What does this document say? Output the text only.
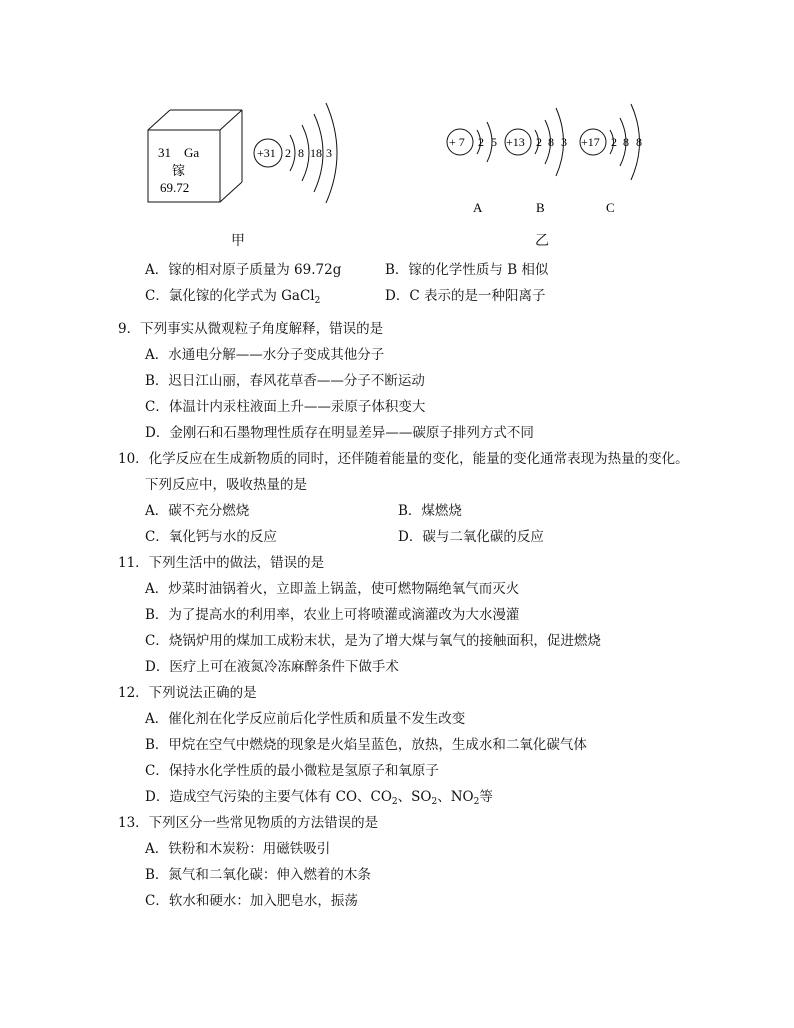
31 Ga
镓
69.72
+31 2 8 18 3
甲
+ 7 2 5
A
+13 2 8 3
B
+17 2 8 8
C
乙
A．镓的相对原子质量为 69.72g	B．镓的化学性质与 B 相似
C．氯化镓的化学式为 GaCl$_2$	D．C 表示的是一种阳离子
9．下列事实从微观粒子角度解释，错误的是
A．水通电分解——水分子变成其他分子
B．迟日江山丽，春风花草香——分子不断运动
C．体温计内汞柱液面上升——汞原子体积变大
D．金刚石和石墨物理性质存在明显差异——碳原子排列方式不同
10．化学反应在生成新物质的同时，还伴随着能量的变化，能量的变化通常表现为热量的变化。
下列反应中，吸收热量的是
A．碳不充分燃烧	B．煤燃烧
C．氧化钙与水的反应	D．碳与二氧化碳的反应
11．下列生活中的做法，错误的是
A．炒菜时油锅着火，立即盖上锅盖，使可燃物隔绝氧气而灭火
B．为了提高水的利用率，农业上可将喷灌或滴灌改为大水漫灌
C．烧锅炉用的煤加工成粉末状，是为了增大煤与氧气的接触面积，促进燃烧
D．医疗上可在液氮冷冻麻醉条件下做手术
12．下列说法正确的是
A．催化剂在化学反应前后化学性质和质量不发生改变
B．甲烷在空气中燃烧的现象是火焰呈蓝色，放热，生成水和二氧化碳气体
C．保持水化学性质的最小微粒是氢原子和氧原子
D．造成空气污染的主要气体有 CO、$CO_2$、$SO_2$、$NO_2$等
13．下列区分一些常见物质的方法错误的是
A．铁粉和木炭粉：用磁铁吸引
B．氮气和二氧化碳：伸入燃着的木条
C．软水和硬水：加入肥皂水，振荡
